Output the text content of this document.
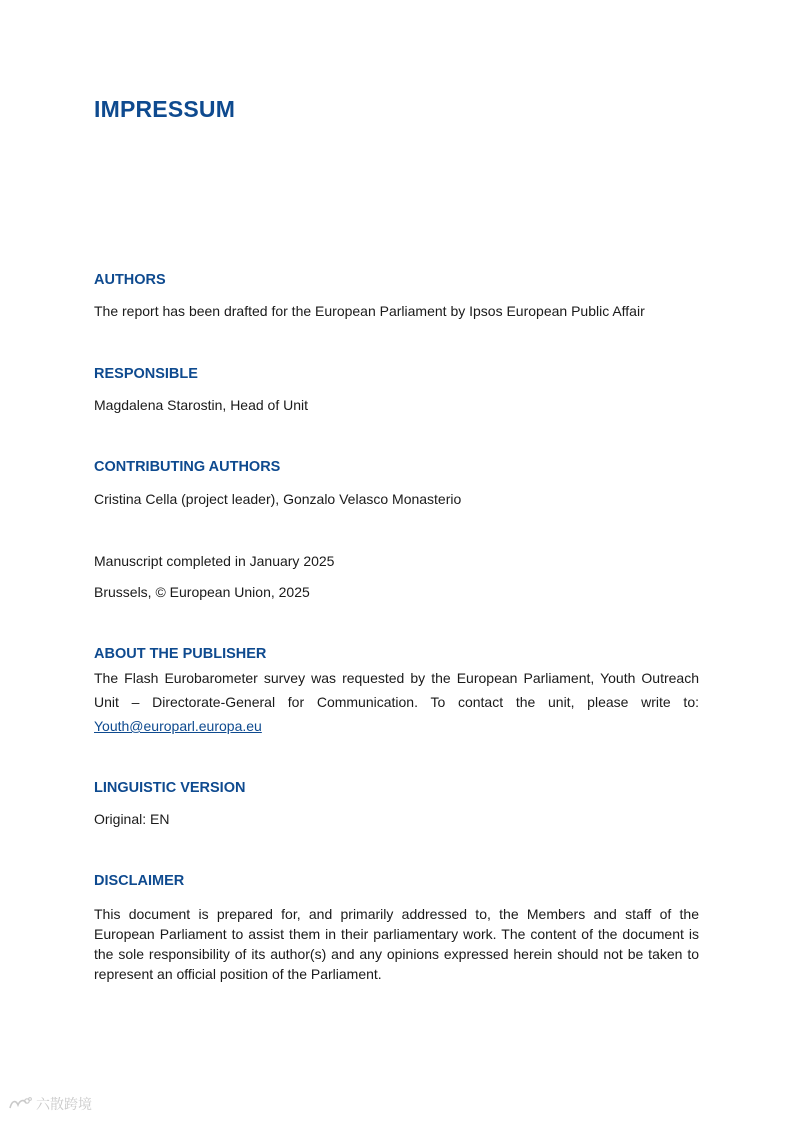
IMPRESSUM
AUTHORS

The report has been drafted for the European Parliament by Ipsos European Public Affair

RESPONSIBLE

Magdalena Starostin, Head of Unit

CONTRIBUTING AUTHORS

Cristina Cella (project leader), Gonzalo Velasco Monasterio

Manuscript completed in January 2025

Brussels, © European Union, 2025

ABOUT THE PUBLISHER
The Flash Eurobarometer survey was requested by the European Parliament, Youth Outreach Unit – Directorate-General for Communication. To contact the unit, please write to: Youth@europarl.europa.eu
LINGUISTIC VERSION

Original: EN

DISCLAIMER

This document is prepared for, and primarily addressed to, the Members and staff of the European Parliament to assist them in their parliamentary work. The content of the document is the sole responsibility of its author(s) and any opinions expressed herein should not be taken to represent an official position of the Parliament.

六散跨境
